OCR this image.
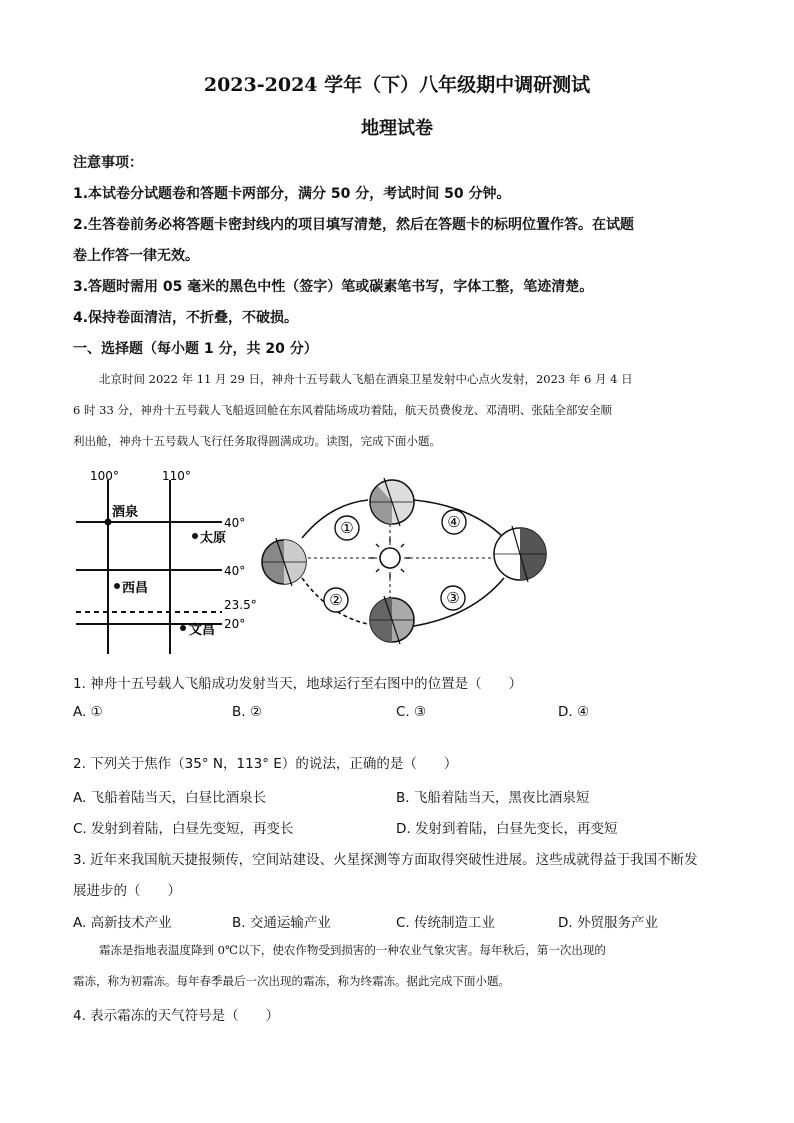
2023-2024 学年（下）八年级期中调研测试
地理试卷
注意事项：
1.本试卷分试题卷和答题卡两部分，满分 50 分，考试时间 50 分钟。
2.生答卷前务必将答题卡密封线内的项目填写清楚，然后在答题卡的标明位置作答。在试题
卷上作答一律无效。
3.答题时需用 05 毫米的黑色中性（签字）笔或碳素笔书写，字体工整，笔迹清楚。
4.保持卷面清洁，不折叠，不破损。
一、选择题（每小题 1 分，共 20 分）
北京时间 2022 年 11 月 29 日，神舟十五号载人飞船在酒泉卫星发射中心点火发射，2023 年 6 月 4 日
6 时 33 分，神舟十五号载人飞船返回舱在东风着陆场成功着陆，航天员费俊龙、邓清明、张陆全部安全顺
利出舱，神舟十五号载人飞行任务取得圆满成功。读图，完成下面小题。
100°	110°
40°
40°
23.5°
20°
酒泉
太原
西昌
文昌
①	④
②	③
1. 神舟十五号载人飞船成功发射当天，地球运行至右图中的位置是（　　）
A. ①	B. ②	C. ③	D. ④
2. 下列关于焦作（35° N，113° E）的说法，正确的是（　　）
A. 飞船着陆当天，白昼比酒泉长	B. 飞船着陆当天，黑夜比酒泉短
C. 发射到着陆，白昼先变短，再变长	D. 发射到着陆，白昼先变长，再变短
3. 近年来我国航天捷报频传，空间站建设、火星探测等方面取得突破性进展。这些成就得益于我国不断发
展进步的（　　）
A. 高新技术产业	B. 交通运输产业	C. 传统制造工业	D. 外贸服务产业
霜冻是指地表温度降到 0℃以下，使农作物受到损害的一种农业气象灾害。每年秋后，第一次出现的
霜冻，称为初霜冻。每年春季最后一次出现的霜冻，称为终霜冻。据此完成下面小题。
4. 表示霜冻的天气符号是（　　）
